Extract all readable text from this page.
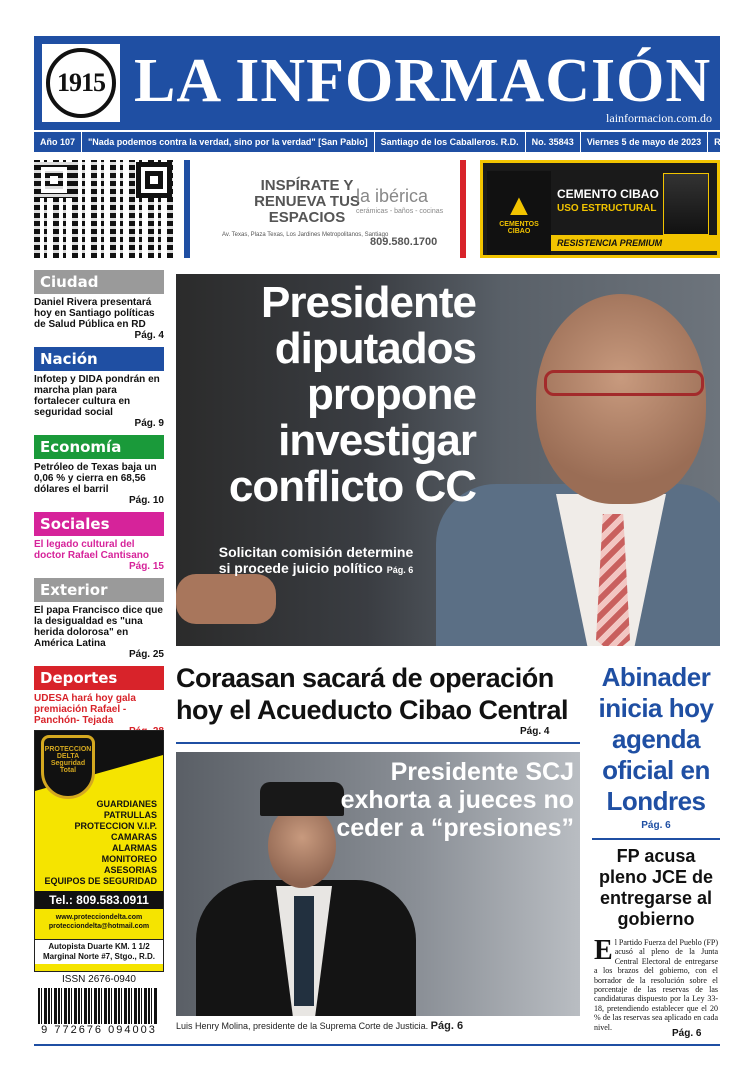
1915 LA INFORMACIÓN
lainformacion.com.do
Año 107	"Nada podemos contra la verdad, sino por la verdad" [San Pablo]	Santiago de los Caballeros. R.D.	No. 35843	Viernes 5 de mayo de 2023	RD$10
INSPÍRATE Y RENUEVA TUS ESPACIOS
la ibérica
cerámicas - baños - cocinas
Av. Texas, Plaza Texas, Los Jardines Metropolitanos, Santiago
809.580.1700
▲
CEMENTOS CIBAO
CEMENTO CIBAO
USO ESTRUCTURAL
RESISTENCIA PREMIUM
Ciudad
Daniel Rivera presentará hoy en Santiago políticas de Salud Pública en RD
Pág. 4
Nación
Infotep y DIDA pondrán en marcha plan para fortalecer cultura en seguridad social
Pág. 9
Economía
Petróleo de Texas baja un 0,06 % y cierra en 68,56 dólares el barril
Pág. 10
Sociales
El legado cultural del doctor Rafael Cantisano
Pág. 15
Exterior
El papa Francisco dice que la desigualdad es "una herida dolorosa" en América Latina
Pág. 25
Deportes
UDESA hará hoy gala premiación Rafael -Panchón- Tejada
PROTECCION DELTA Seguridad Total
GUARDIANES
PATRULLAS
PROTECCION V.I.P.
CAMARAS
ALARMAS
MONITOREO
ASESORIAS
EQUIPOS DE SEGURIDAD
Tel.: 809.583.0911
www.protecciondelta.com
protecciondelta@hotmail.com
Autopista Duarte KM. 1 1/2 Marginal Norte #7, Stgo., R.D.
ISSN 2676-0940
9 772676 094003
Presidente diputados propone investigar conflicto CC
Solicitan comisión determine si procede juicio político Pág. 6
Coraasan sacará de operación hoy el Acueducto Cibao Central
Pág. 4
Presidente SCJ exhorta a jueces no ceder a “presiones”
Luis Henry Molina, presidente de la Suprema Corte de Justicia. Pág. 6
Abinader inicia hoy agenda oficial en Londres
Pág. 6
FP acusa pleno JCE de entregarse al gobierno
E l Partido Fuerza del Pueblo (FP) acusó al pleno de la Junta Central Electoral de entregarse a los brazos del gobierno, con el borrador de la resolución sobre el porcentaje de las reservas de las candidaturas dispuesto por la Ley 33-18, pretendiendo establecer que el 20 % de las reservas sea aplicado en cada nivel.
Pág. 6
